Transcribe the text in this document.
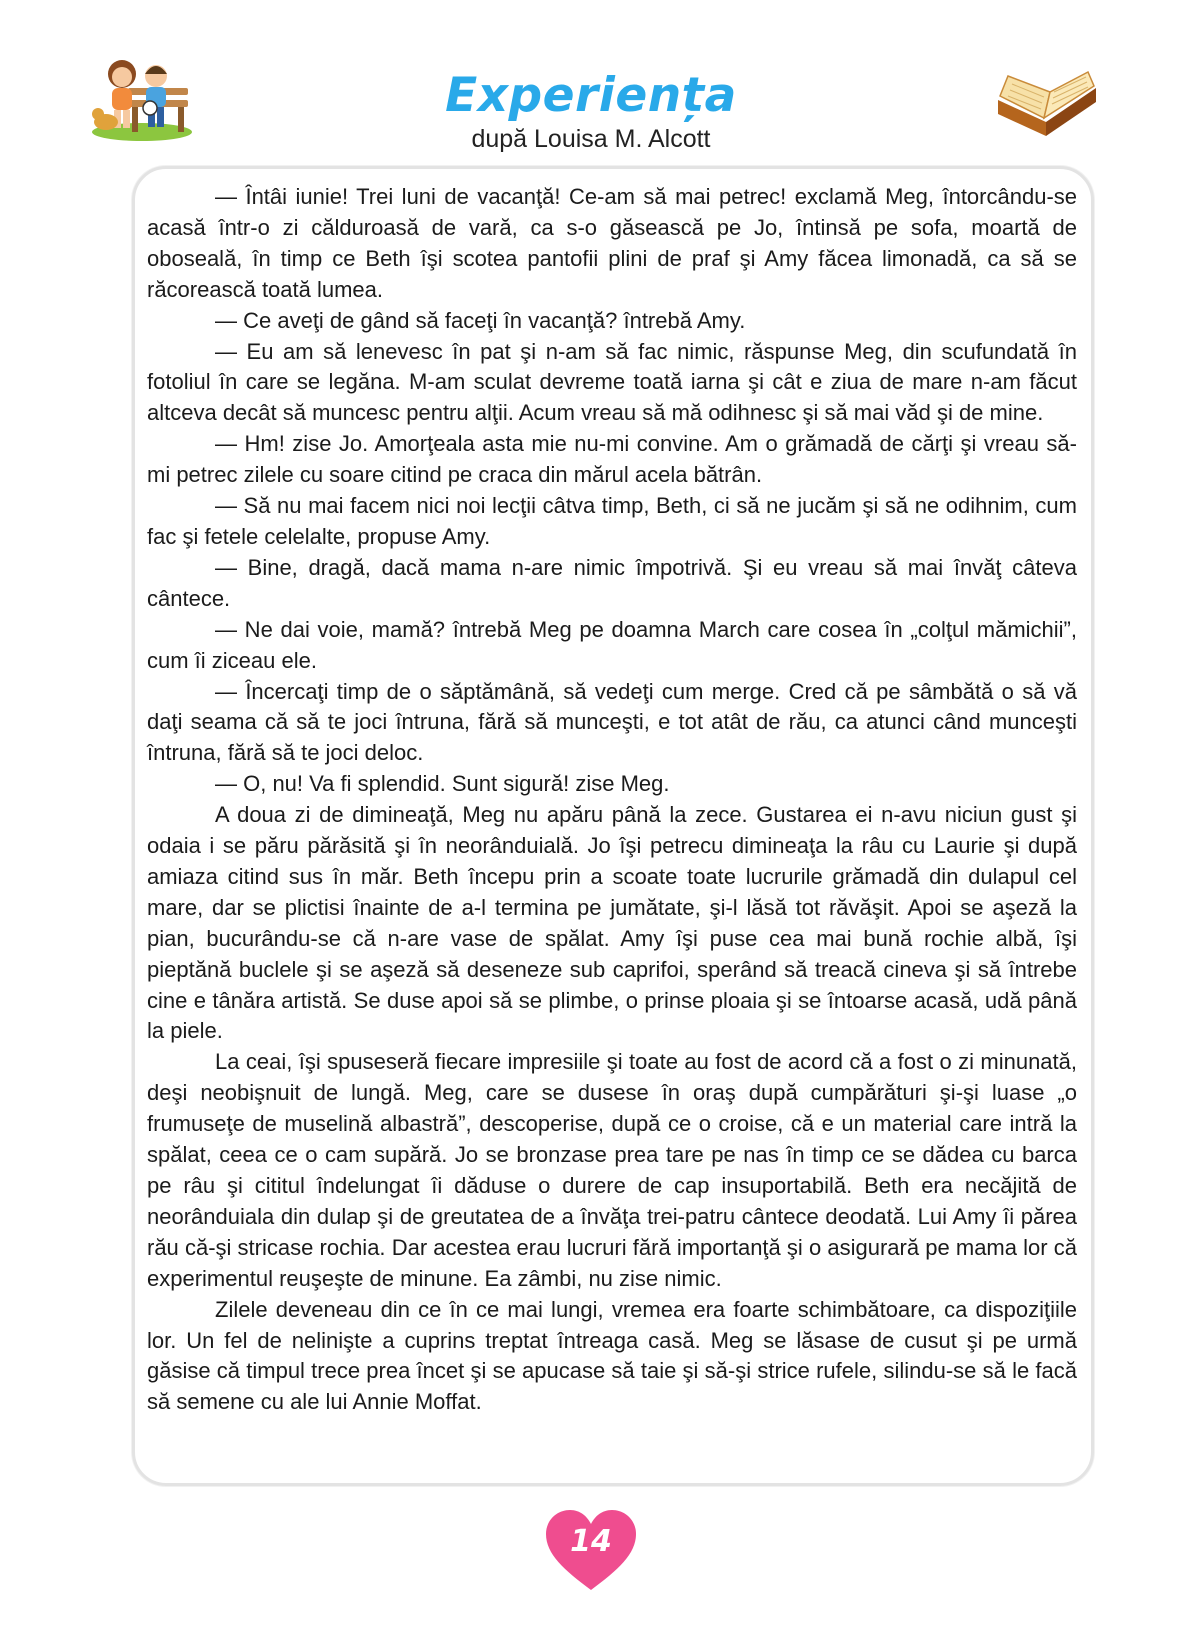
Experiența
după Louisa M. Alcott

— Întâi iunie! Trei luni de vacanţă! Ce-am să mai petrec! exclamă Meg, întorcându-se acasă într-o zi călduroasă de vară, ca s-o găsească pe Jo, întinsă pe sofa, moartă de oboseală, în timp ce Beth îşi scotea pantofii plini de praf şi Amy făcea limonadă, ca să se răcorească toată lumea.

— Ce aveţi de gând să faceţi în vacanţă? întrebă Amy.

— Eu am să lenevesc în pat şi n-am să fac nimic, răspunse Meg, din scufundată în fotoliul în care se legăna. M-am sculat devreme toată iarna şi cât e ziua de mare n-am făcut altceva decât să muncesc pentru alţii. Acum vreau să mă odihnesc şi să mai văd şi de mine.

— Hm! zise Jo. Amorţeala asta mie nu-mi convine. Am o grămadă de cărţi şi vreau să-mi petrec zilele cu soare citind pe craca din mărul acela bătrân.

— Să nu mai facem nici noi lecţii câtva timp, Beth, ci să ne jucăm şi să ne odihnim, cum fac şi fetele celelalte, propuse Amy.

— Bine, dragă, dacă mama n-are nimic împotrivă. Şi eu vreau să mai învăţ câteva cântece.

— Ne dai voie, mamă? întrebă Meg pe doamna March care cosea în „colţul mămichii”, cum îi ziceau ele.

— Încercaţi timp de o săptămână, să vedeţi cum merge. Cred că pe sâmbătă o să vă daţi seama că să te joci întruna, fără să munceşti, e tot atât de rău, ca atunci când munceşti întruna, fără să te joci deloc.

— O, nu! Va fi splendid. Sunt sigură! zise Meg.

A doua zi de dimineaţă, Meg nu apăru până la zece. Gustarea ei n-avu niciun gust şi odaia i se păru părăsită şi în neorânduială. Jo îşi petrecu dimineaţa la râu cu Laurie şi după amiaza citind sus în măr. Beth începu prin a scoate toate lucrurile grămadă din dulapul cel mare, dar se plictisi înainte de a-l termina pe jumătate, şi-l lăsă tot răvăşit. Apoi se aşeză la pian, bucurându-se că n-are vase de spălat. Amy îşi puse cea mai bună rochie albă, îşi pieptănă buclele şi se aşeză să deseneze sub caprifoi, sperând să treacă cineva şi să întrebe cine e tânăra artistă. Se duse apoi să se plimbe, o prinse ploaia şi se întoarse acasă, udă până la piele.

La ceai, îşi spuseseră fiecare impresiile şi toate au fost de acord că a fost o zi minunată, deşi neobişnuit de lungă. Meg, care se dusese în oraş după cumpărături şi-şi luase „o frumuseţe de muselină albastră”, descoperise, după ce o croise, că e un material care intră la spălat, ceea ce o cam supără. Jo se bronzase prea tare pe nas în timp ce se dădea cu barca pe râu şi cititul îndelungat îi dăduse o durere de cap insuportabilă. Beth era necăjită de neorânduiala din dulap şi de greutatea de a învăţa trei-patru cântece deodată. Lui Amy îi părea rău că-şi stricase rochia. Dar acestea erau lucruri fără importanţă şi o asigurară pe mama lor că experimentul reuşeşte de minune. Ea zâmbi, nu zise nimic.

Zilele deveneau din ce în ce mai lungi, vremea era foarte schimbătoare, ca dispoziţiile lor. Un fel de nelinişte a cuprins treptat întreaga casă. Meg se lăsase de cusut şi pe urmă găsise că timpul trece prea încet şi se apucase să taie şi să-şi strice rufele, silindu-se să le facă să semene cu ale lui Annie Moffat.

14
